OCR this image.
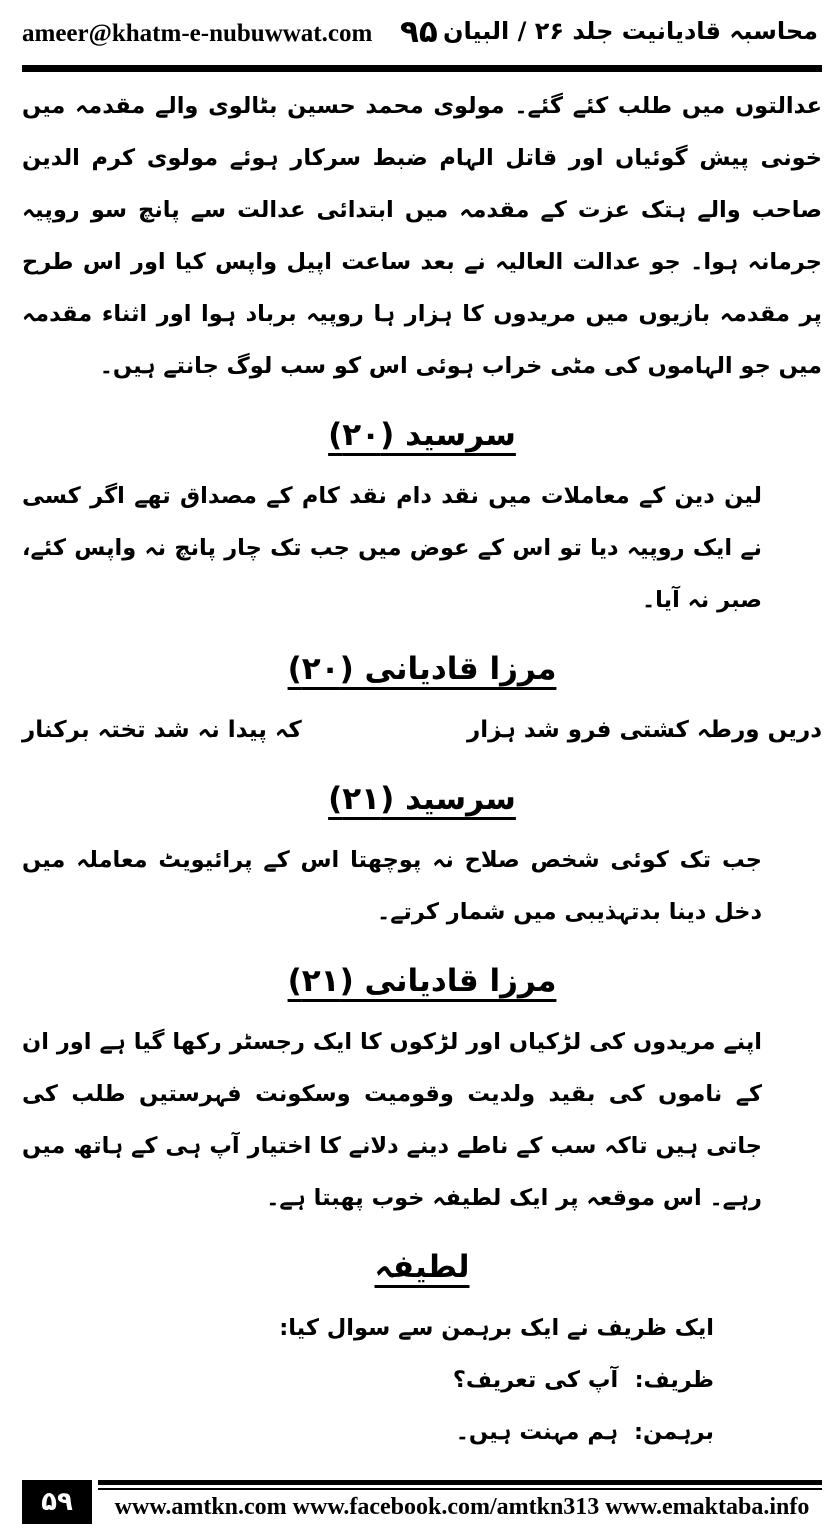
ameer@khatm-e-nubuwwat.com ۹۵ محاسبہ قادیانیت جلد ۲۶ / البیان

عدالتوں میں طلب کئے گئے۔ مولوی محمد حسین بٹالوی والے مقدمہ میں خونی پیش گوئیاں اور قاتل الہام ضبط سرکار ہوئے مولوی کرم الدین صاحب والے ہتک عزت کے مقدمہ میں ابتدائی عدالت سے پانچ سو روپیہ جرمانہ ہوا۔ جو عدالت العالیہ نے بعد ساعت اپیل واپس کیا اور اس طرح پر مقدمہ بازیوں میں مریدوں کا ہزار ہا روپیہ برباد ہوا اور اثناء مقدمہ میں جو الہاموں کی مٹی خراب ہوئی اس کو سب لوگ جانتے ہیں۔

سرسید (۲۰)

لین دین کے معاملات میں نقد دام نقد کام کے مصداق تھے اگر کسی نے ایک روپیہ دیا تو اس کے عوض میں جب تک چار پانچ نہ واپس کئے، صبر نہ آیا۔

مرزا قادیانی (۲۰)
دریں ورطہ کشتی فرو شد ہزار
کہ پیدا نہ شد تختہ برکنار
سرسید (۲۱)

جب تک کوئی شخص صلاح نہ پوچھتا اس کے پرائیویٹ معاملہ میں دخل دینا بدتہذیبی میں شمار کرتے۔

مرزا قادیانی (۲۱)

اپنے مریدوں کی لڑکیاں اور لڑکوں کا ایک رجسٹر رکھا گیا ہے اور ان کے ناموں کی بقید ولدیت وقومیت وسکونت فہرستیں طلب کی جاتی ہیں تاکہ سب کے ناطے دینے دلانے کا اختیار آپ ہی کے ہاتھ میں رہے۔ اس موقعہ پر ایک لطیفہ خوب پھبتا ہے۔

لطیفہ
ایک ظریف نے ایک برہمن سے سوال کیا:
ظریف: آپ کی تعریف؟
برہمن: ہم مہنت ہیں۔
۵۹	www.amtkn.com www.facebook.com/amtkn313 www.emaktaba.info
